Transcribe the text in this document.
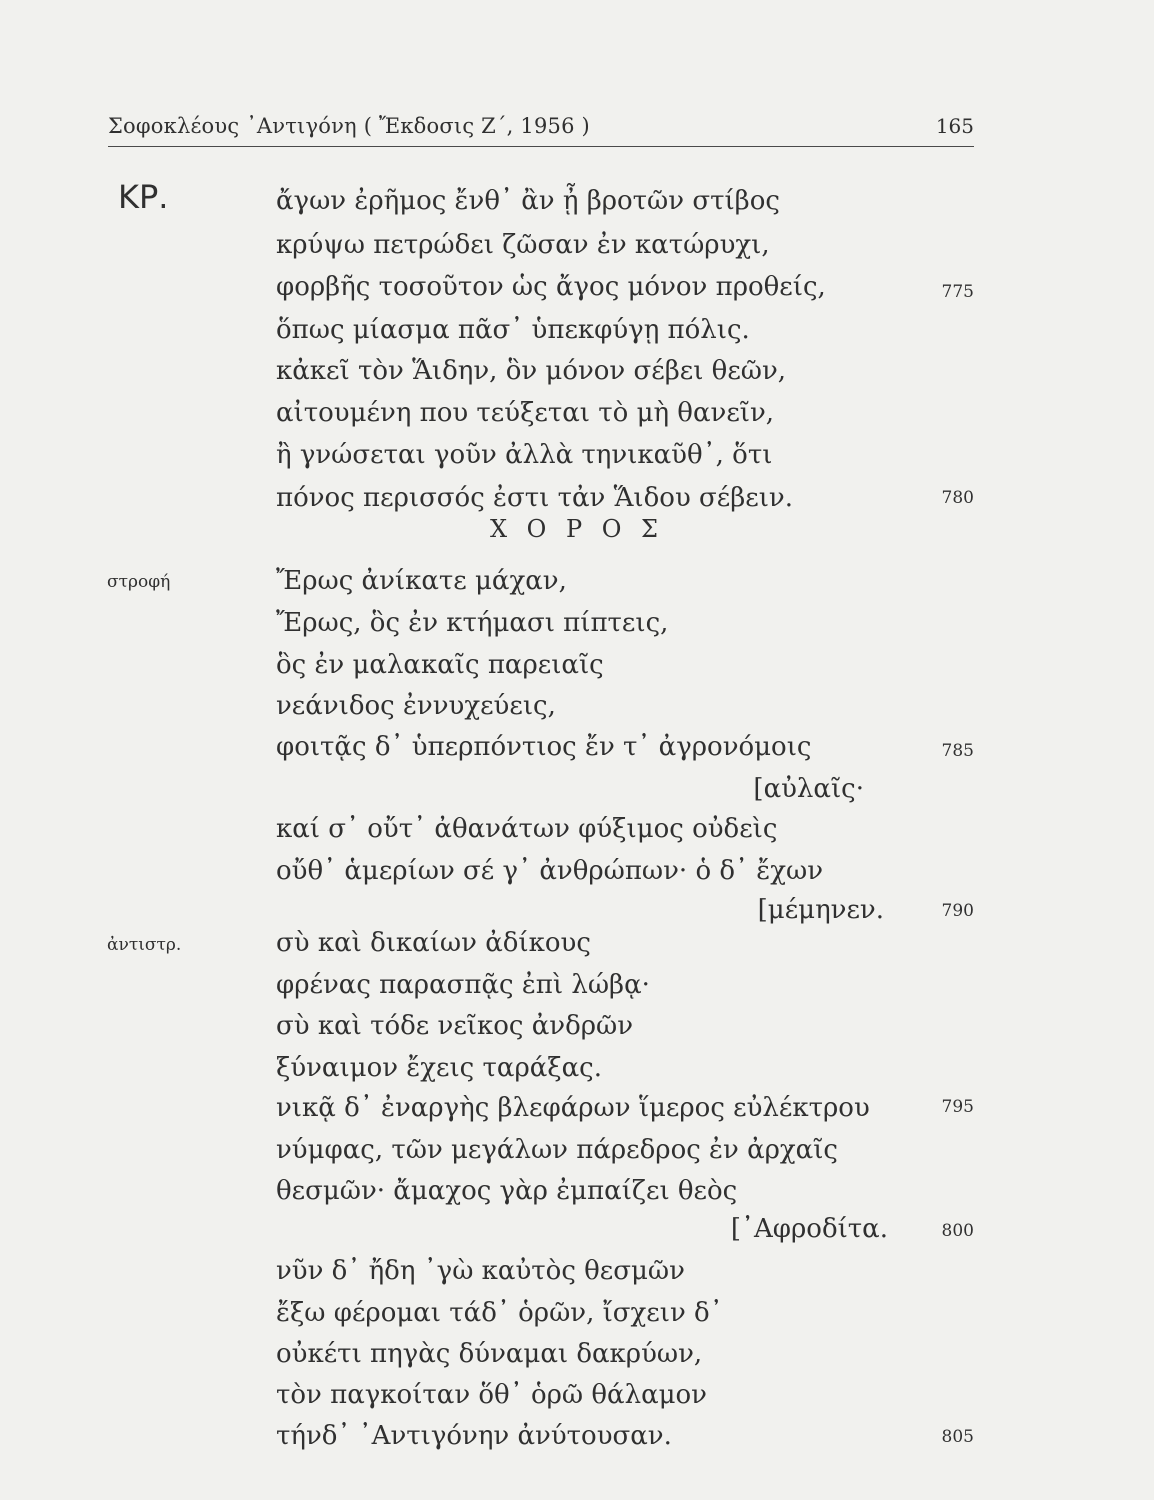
Σοφοκλέους ᾿Αντιγόνη ( Ἔκδοσις Ζ΄, 1956 )	165
ΚΡ.	ἄγων ἐρῆμος ἔνθ᾿ ἂν ᾖ βροτῶν στίβος
κρύψω πετρώδει ζῶσαν ἐν κατώρυχι,
φορβῆς τοσοῦτον ὡς ἄγος μόνον προθείς,	775
ὅπως μίασμα πᾶσ᾿ ὑπεκφύγῃ πόλις.
κἀκεῖ τὸν Ἅιδην, ὃν μόνον σέβει θεῶν,
αἰτουμένη που τεύξεται τὸ μὴ θανεῖν,
ἢ γνώσεται γοῦν ἀλλὰ τηνικαῦθ᾿, ὅτι
πόνος περισσός ἐστι τἀν Ἅιδου σέβειν.	780
Χ Ο Ρ Ο Σ
στροφή	Ἔρως ἀνίκατε μάχαν,
Ἔρως, ὃς ἐν κτήμασι πίπτεις,
ὃς ἐν μαλακαῖς παρειαῖς
νεάνιδος ἐννυχεύεις,
φοιτᾷς δ᾿ ὑπερπόντιος ἔν τ᾿ ἀγρονόμοις	785
[αὐλαῖς·
καί σ᾿ οὔτ᾿ ἀθανάτων φύξιμος οὐδεὶς
οὔθ᾿ ἁμερίων σέ γ᾿ ἀνθρώπων· ὁ δ᾿ ἔχων
[μέμηνεν.	790
ἀντιστρ.	σὺ καὶ δικαίων ἀδίκους
φρένας παρασπᾷς ἐπὶ λώβᾳ·
σὺ καὶ τόδε νεῖκος ἀνδρῶν
ξύναιμον ἔχεις ταράξας.
νικᾷ δ᾿ ἐναργὴς βλεφάρων ἵμερος εὐλέκτρου	795
νύμφας, τῶν μεγάλων πάρεδρος ἐν ἀρχαῖς
θεσμῶν· ἄμαχος γὰρ ἐμπαίζει θεὸς
[᾿Αφροδίτα.	800
νῦν δ᾿ ἤδη ᾿γὼ καὐτὸς θεσμῶν
ἔξω φέρομαι τάδ᾿ ὁρῶν, ἴσχειν δ᾿
οὐκέτι πηγὰς δύναμαι δακρύων,
τὸν παγκοίταν ὅθ᾿ ὁρῶ θάλαμον
τήνδ᾿ ᾿Αντιγόνην ἀνύτουσαν.	805
